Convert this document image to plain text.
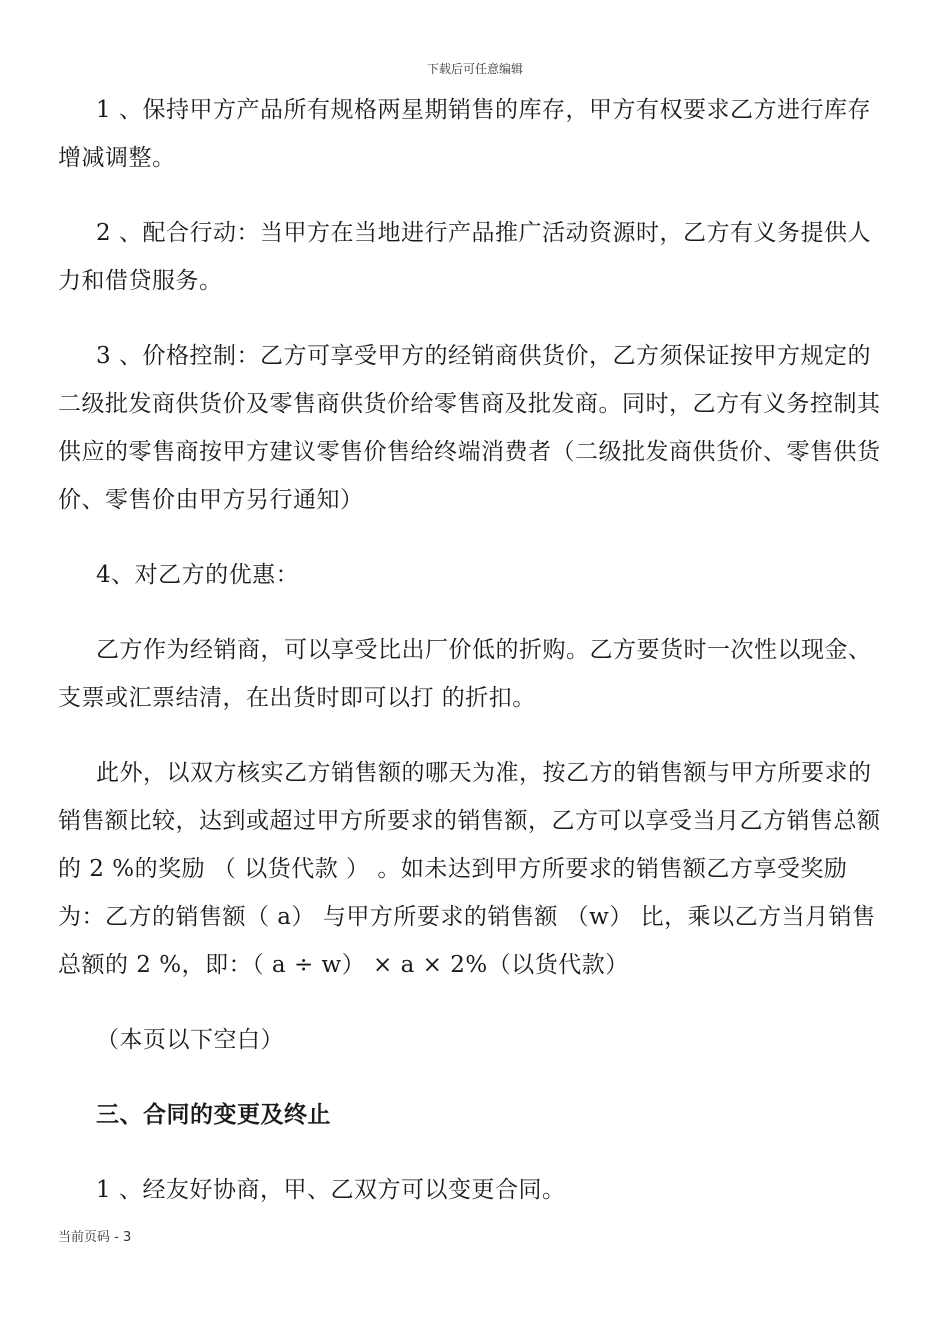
下载后可任意编辑

1 、保持甲方产品所有规格两星期销售的库存，甲方有权要求乙方进行库存增减调整。

2 、配合行动：当甲方在当地进行产品推广活动资源时，乙方有义务提供人力和借贷服务。

3 、价格控制：乙方可享受甲方的经销商供货价，乙方须保证按甲方规定的二级批发商供货价及零售商供货价给零售商及批发商。同时，乙方有义务控制其供应的零售商按甲方建议零售价售给终端消费者（二级批发商供货价、零售供货价、零售价由甲方另行通知）

4、对乙方的优惠：

乙方作为经销商，可以享受比出厂价低的折购。乙方要货时一次性以现金、支票或汇票结清，在出货时即可以打 的折扣。

此外，以双方核实乙方销售额的哪天为准，按乙方的销售额与甲方所要求的销售额比较，达到或超过甲方所要求的销售额，乙方可以享受当月乙方销售总额的 2 %的奖励 （ 以货代款 ） 。如未达到甲方所要求的销售额乙方享受奖励为：乙方的销售额（ a） 与甲方所要求的销售额 （w） 比，乘以乙方当月销售总额的 2 %，即：（ a ÷ w） × a × 2%（以货代款）

（本页以下空白）

三、合同的变更及终止

1 、经友好协商，甲、乙双方可以变更合同。

当前页码 - 3
